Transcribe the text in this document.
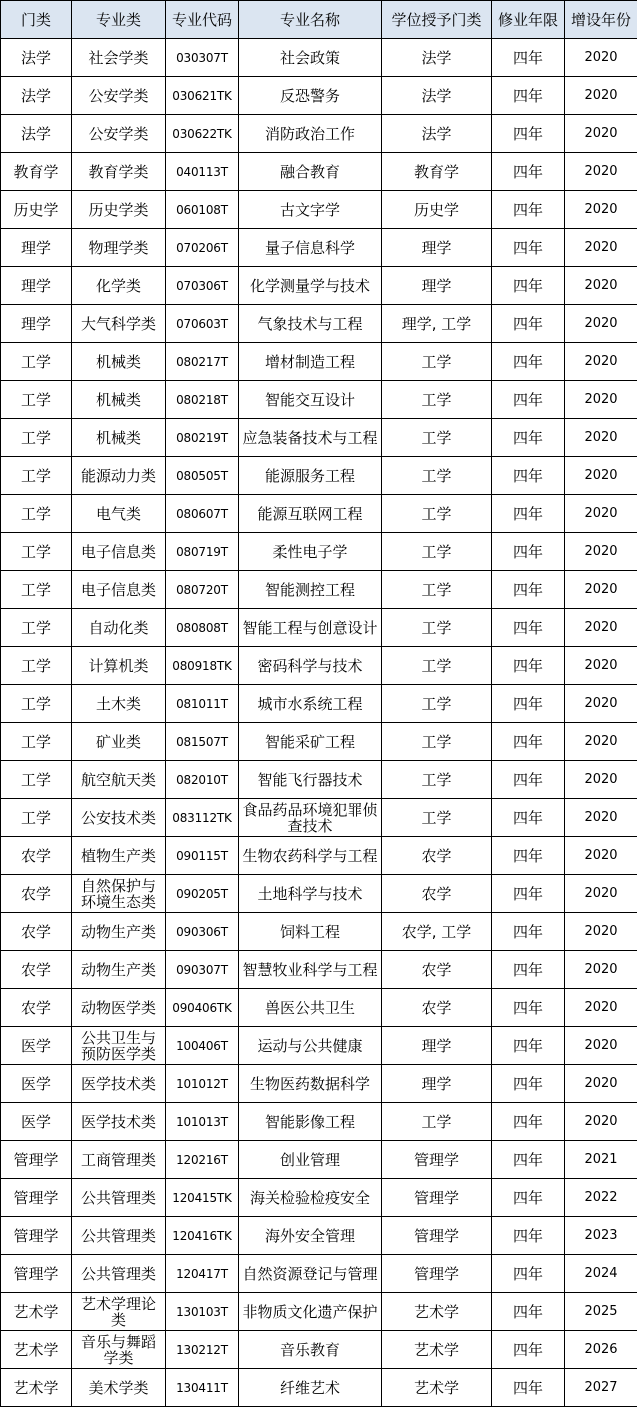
门类	专业类	专业代码	专业名称	学位授予门类	修业年限	增设年份
法学	社会学类	030307T	社会政策	法学	四年	2020
法学	公安学类	030621TK	反恐警务	法学	四年	2020
法学	公安学类	030622TK	消防政治工作	法学	四年	2020
教育学	教育学类	040113T	融合教育	教育学	四年	2020
历史学	历史学类	060108T	古文字学	历史学	四年	2020
理学	物理学类	070206T	量子信息科学	理学	四年	2020
理学	化学类	070306T	化学测量学与技术	理学	四年	2020
理学	大气科学类	070603T	气象技术与工程	理学, 工学	四年	2020
工学	机械类	080217T	增材制造工程	工学	四年	2020
工学	机械类	080218T	智能交互设计	工学	四年	2020
工学	机械类	080219T	应急装备技术与工程	工学	四年	2020
工学	能源动力类	080505T	能源服务工程	工学	四年	2020
工学	电气类	080607T	能源互联网工程	工学	四年	2020
工学	电子信息类	080719T	柔性电子学	工学	四年	2020
工学	电子信息类	080720T	智能测控工程	工学	四年	2020
工学	自动化类	080808T	智能工程与创意设计	工学	四年	2020
工学	计算机类	080918TK	密码科学与技术	工学	四年	2020
工学	土木类	081011T	城市水系统工程	工学	四年	2020
工学	矿业类	081507T	智能采矿工程	工学	四年	2020
工学	航空航天类	082010T	智能飞行器技术	工学	四年	2020
工学	公安技术类	083112TK	食品药品环境犯罪侦查技术	工学	四年	2020
农学	植物生产类	090115T	生物农药科学与工程	农学	四年	2020
农学	自然保护与环境生态类	090205T	土地科学与技术	农学	四年	2020
农学	动物生产类	090306T	饲料工程	农学, 工学	四年	2020
农学	动物生产类	090307T	智慧牧业科学与工程	农学	四年	2020
农学	动物医学类	090406TK	兽医公共卫生	农学	四年	2020
医学	公共卫生与预防医学类	100406T	运动与公共健康	理学	四年	2020
医学	医学技术类	101012T	生物医药数据科学	理学	四年	2020
医学	医学技术类	101013T	智能影像工程	工学	四年	2020
管理学	工商管理类	120216T	创业管理	管理学	四年	2021
管理学	公共管理类	120415TK	海关检验检疫安全	管理学	四年	2022
管理学	公共管理类	120416TK	海外安全管理	管理学	四年	2023
管理学	公共管理类	120417T	自然资源登记与管理	管理学	四年	2024
艺术学	艺术学理论类	130103T	非物质文化遗产保护	艺术学	四年	2025
艺术学	音乐与舞蹈学类	130212T	音乐教育	艺术学	四年	2026
艺术学	美术学类	130411T	纤维艺术	艺术学	四年	2027
